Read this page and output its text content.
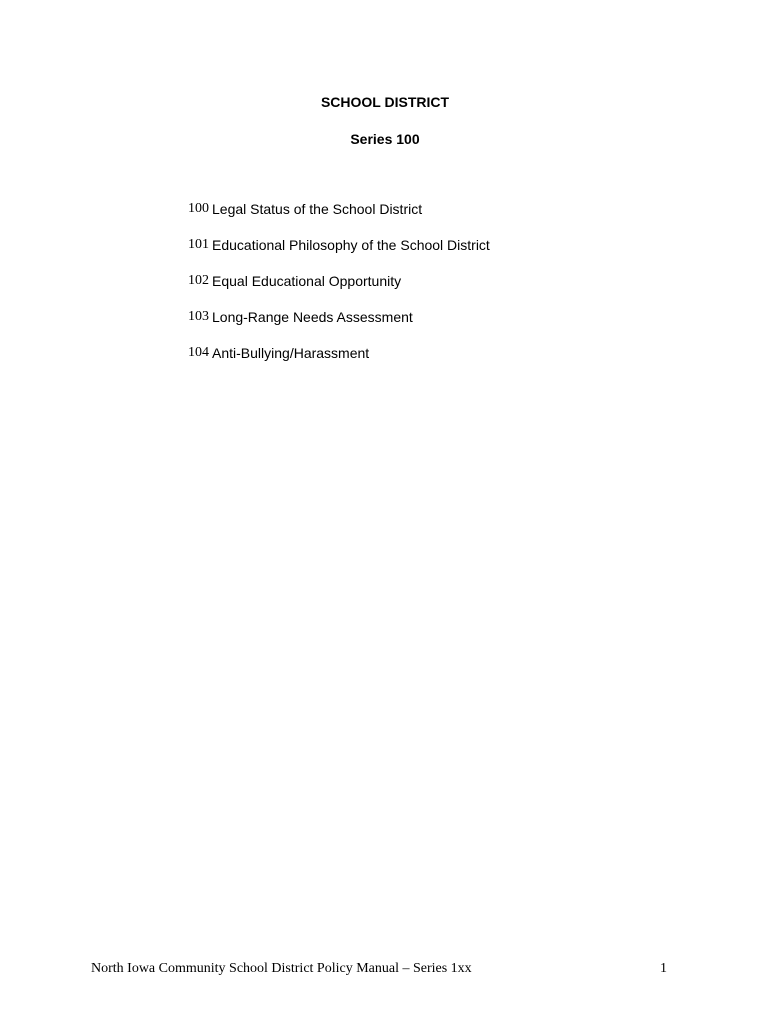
SCHOOL DISTRICT
Series 100
100 Legal Status of the School District
101 Educational Philosophy of the School District
102 Equal Educational Opportunity
103 Long-Range Needs Assessment
104 Anti-Bullying/Harassment
North Iowa Community School District Policy Manual – Series 1xx	1
